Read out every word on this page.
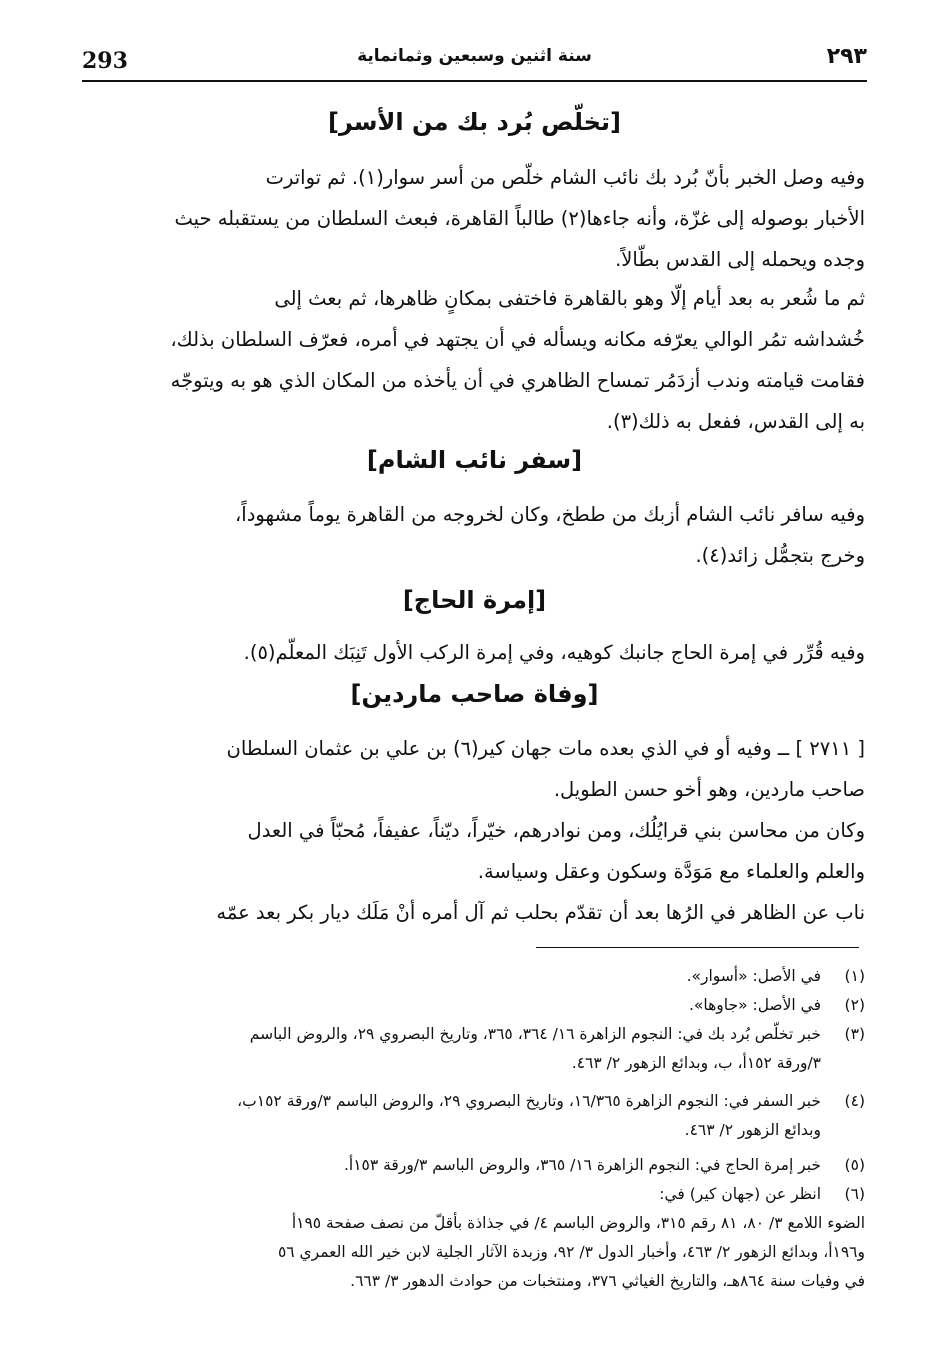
293	سنة اثنين وسبعين وثمانماية	٢٩٣
[تخلّص بُرد بك من الأسر]
وفيه وصل الخبر بأنّ بُرد بك نائب الشام خلّص من أسر سوار(١). ثم تواترت
الأخبار بوصوله إلى غزّة، وأنه جاءها(٢) طالباً القاهرة، فبعث السلطان من يستقبله حيث
وجده ويحمله إلى القدس بطّالاً.
ثم ما شُعر به بعد أيام إلّا وهو بالقاهرة فاختفى بمكانٍ ظاهرها، ثم بعث إلى
خُشداشه تمُر الوالي يعرّفه مكانه ويسأله في أن يجتهد في أمره، فعرّف السلطان بذلك،
فقامت قيامته وندب أزدَمُر تمساح الظاهري في أن يأخذه من المكان الذي هو به ويتوجّه
به إلى القدس، ففعل به ذلك(٣).
[سفر نائب الشام]
وفيه سافر نائب الشام أزبك من ططخ، وكان لخروجه من القاهرة يوماً مشهوداً،
وخرج بتجمُّل زائد(٤).
[إمرة الحاج]
وفيه قُرِّر في إمرة الحاج جانبك كوهيه، وفي إمرة الركب الأول تَنِبَك المعلّم(٥).
[وفاة صاحب ماردين]
[ ٢٧١١ ] ــ وفيه أو في الذي بعده مات جهان كير(٦) بن علي بن عثمان السلطان
صاحب ماردين، وهو أخو حسن الطويل.
وكان من محاسن بني قرايُلُك، ومن نوادرهم، خيّراً، ديّناً، عفيفاً، مُحبّاً في العدل
والعلم والعلماء مع مَوَدَّة وسكون وعقل وسياسة.
ناب عن الظاهر في الرُها بعد أن تقدّم بحلب ثم آل أمره أنْ مَلَك ديار بكر بعد عمّه
(١)
في الأصل: «أسوار».
(٢)
في الأصل: «جاوها».
(٣)
خبر تخلّص بُرد بك في: النجوم الزاهرة ١٦/ ٣٦٤، ٣٦٥، وتاريخ البصروي ٢٩، والروض الباسم
٣/ورقة ١٥٢أ، ب، وبدائع الزهور ٢/ ٤٦٣.
(٤)
خبر السفر في: النجوم الزاهرة ١٦/٣٦٥، وتاريخ البصروي ٢٩، والروض الباسم ٣/ورقة ١٥٢ب،
وبدائع الزهور ٢/ ٤٦٣.
(٥)
خبر إمرة الحاج في: النجوم الزاهرة ١٦/ ٣٦٥، والروض الباسم ٣/ورقة ١٥٣أ.
(٦)
انظر عن (جهان كير) في:
الضوء اللامع ٣/ ٨٠، ٨١ رقم ٣١٥، والروض الباسم ٤/ في جذاذة بأقلّ من نصف صفحة ١٩٥أ
و١٩٦أ، وبدائع الزهور ٢/ ٤٦٣، وأخبار الدول ٣/ ٩٢، وزبدة الآثار الجلية لابن خير الله العمري ٥٦
في وفيات سنة ٨٦٤هـ، والتاريخ الغياثي ٣٧٦، ومنتخبات من حوادث الدهور ٣/ ٦٦٣.
